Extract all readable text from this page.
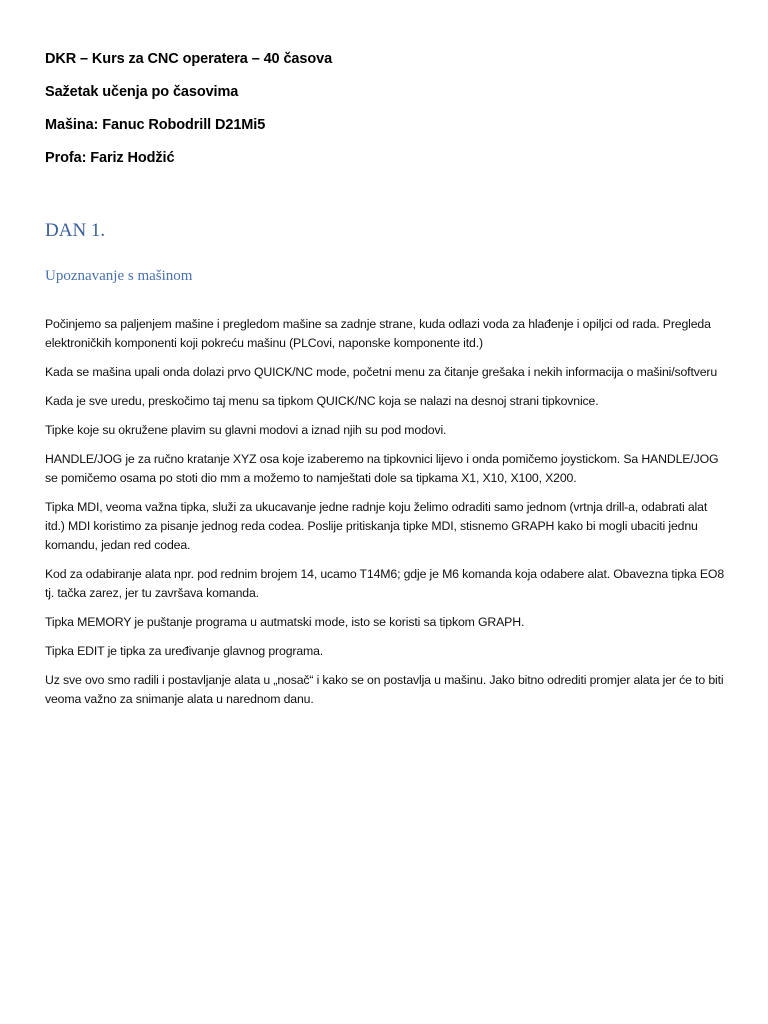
DKR – Kurs za CNC operatera – 40 časova

Sažetak učenja po časovima

Mašina: Fanuc Robodrill D21Mi5

Profa: Fariz Hodžić

DAN 1.
Upoznavanje s mašinom

Počinjemo sa paljenjem mašine i pregledom mašine sa zadnje strane, kuda odlazi voda za hlađenje i opiljci od rada. Pregleda elektroničkih komponenti koji pokreću mašinu (PLCovi, naponske komponente itd.)

Kada se mašina upali onda dolazi prvo QUICK/NC mode, početni menu za čitanje grešaka i nekih informacija o mašini/softveru

Kada je sve uredu, preskočimo taj menu sa tipkom QUICK/NC koja se nalazi na desnoj strani tipkovnice.

Tipke koje su okružene plavim su glavni modovi a iznad njih su pod modovi.

HANDLE/JOG je za ručno kratanje XYZ osa koje izaberemo na tipkovnici lijevo i onda pomičemo joystickom. Sa HANDLE/JOG se pomičemo osama po stoti dio mm a možemo to namještati dole sa tipkama X1, X10, X100, X200.

Tipka MDI, veoma važna tipka, služi za ukucavanje jedne radnje koju želimo odraditi samo jednom (vrtnja drill-a, odabrati alat itd.) MDI koristimo za pisanje jednog reda codea. Poslije pritiskanja tipke MDI, stisnemo GRAPH kako bi mogli ubaciti jednu komandu, jedan red codea.

Kod za odabiranje alata npr. pod rednim brojem 14, ucamo T14M6; gdje je M6 komanda koja odabere alat. Obavezna tipka EO8 tj. tačka zarez, jer tu završava komanda.

Tipka MEMORY je puštanje programa u autmatski mode, isto se koristi sa tipkom GRAPH.

Tipka EDIT je tipka za uređivanje glavnog programa.

Uz sve ovo smo radili i postavljanje alata u „nosač“ i kako se on postavlja u mašinu. Jako bitno odrediti promjer alata jer će to biti veoma važno za snimanje alata u narednom danu.
